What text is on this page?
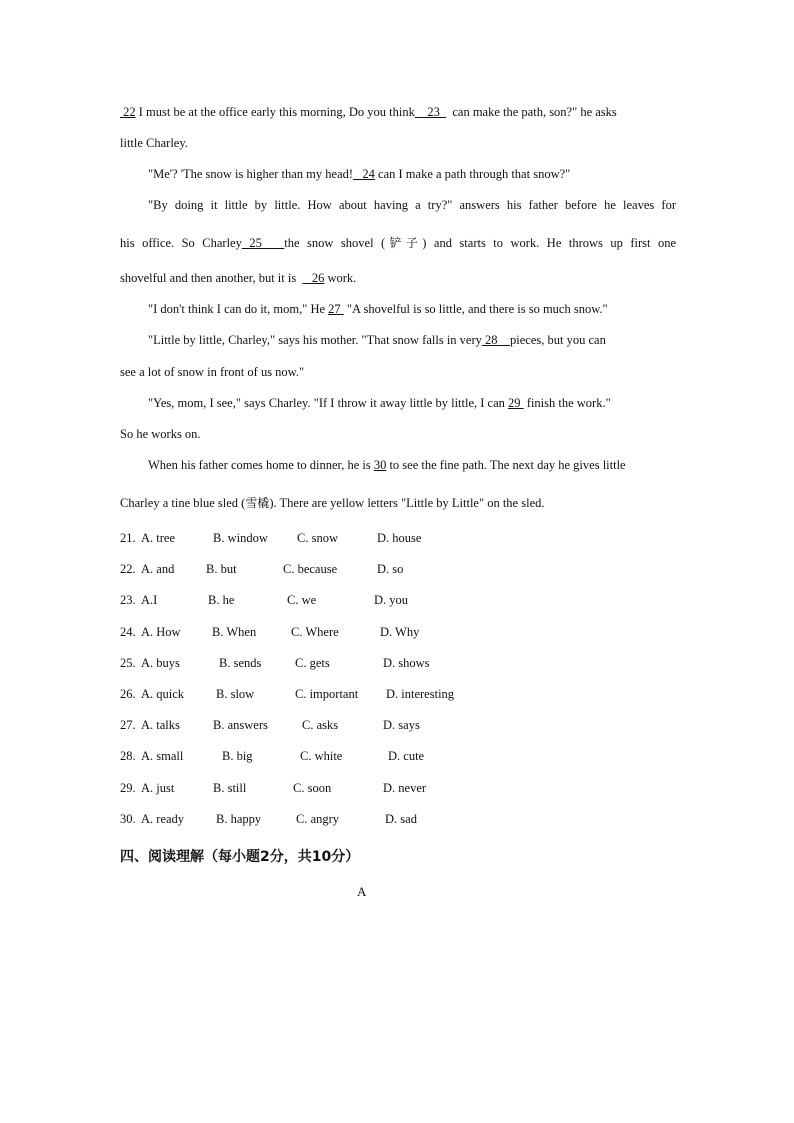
22 I must be at the office early this morning, Do you think 23 can make the path, son?" he asks
little Charley.
"Me'? 'The snow is higher than my head! 24 can I make a path through that snow?"
"By doing it little by little. How about having a try?" answers his father before he leaves for
his office. So Charley 25 the snow shovel (铲子) and starts to work. He throws up first one
shovelful and then another, but it is 26 work.
"I don't think I can do it, mom," He 27  "A shovelful is so little, and there is so much snow."
"Little by little, Charley," says his mother. "That snow falls in very 28 pieces, but you can
see a lot of snow in front of us now."
"Yes, mom, I see," says Charley. "If I throw it away little by little, I can 29  finish the work."
So he works on.
When his father comes home to dinner, he is 30 to see the fine path. The next day he gives little
Charley a tine blue sled (雪橇). There are yellow letters "Little by Little" on the sled.
21. A. tree	B. window C. snow	D. house
22. A. and	B. but	C. because	D. so
23. A.I	B. he	C. we	D. you
24. A. How	B. When	C. Where	D. Why
25. A. buys	B. sends	C. gets	D. shows
26. A. quick	B. slow	C. important D. interesting
27. A. talks	B. answers	C. asks	D. says
28. A. small	B. big	C. white	D. cute
29. A. just	B. still	C. soon	D. never
30. A. ready	B. happy	C. angry	D. sad
四、阅读理解（每小题2分，共10分）
A
